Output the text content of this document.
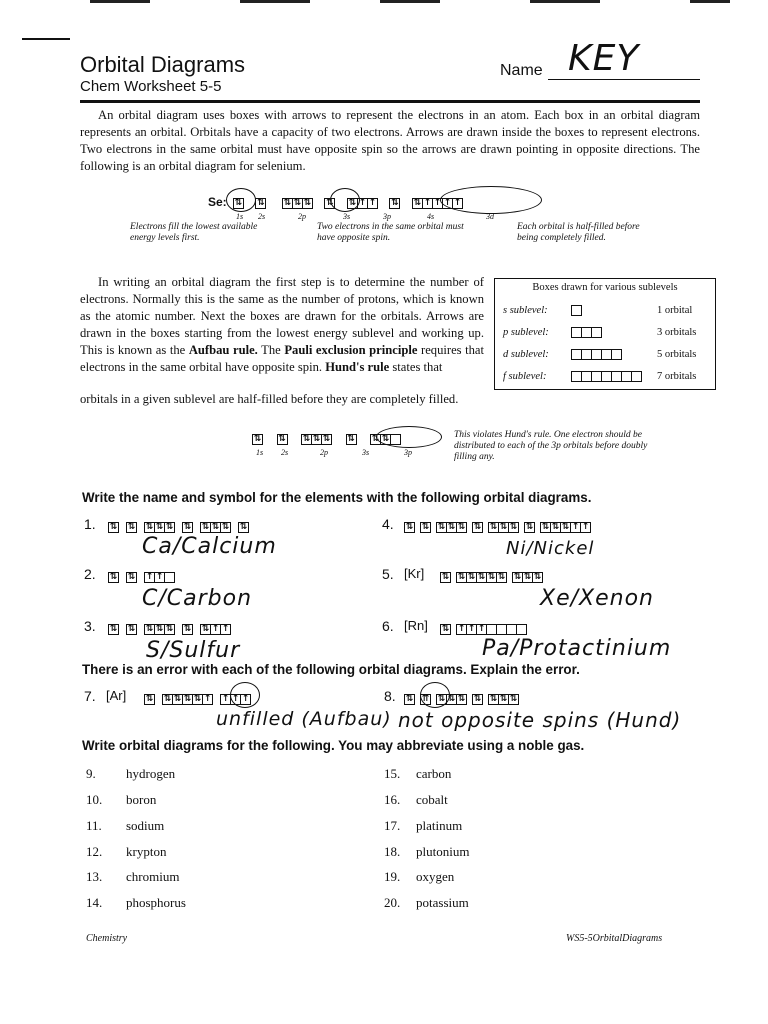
Orbital Diagrams
Chem Worksheet 5-5
Name KEY
An orbital diagram uses boxes with arrows to represent the electrons in an atom. Each box in an orbital diagram represents an orbital. Orbitals have a capacity of two electrons. Arrows are drawn inside the boxes to represent electrons. Two electrons in the same orbital must have opposite spin so the arrows are drawn pointing in opposite directions. The following is an orbital diagram for selenium.
Se: ⇅ ⇅ ⇅ ⇅ ⇅ ⇅ ⇅ ↑ ↑ ⇅ ⇅ ↑ ↑ ↑ ↑
1s 2s	2p	3s	3p	4s	3d
Electrons fill the lowest available energy levels first.
Two electrons in the same orbital must have opposite spin.
Each orbital is half-filled before being completely filled.
In writing an orbital diagram the first step is to determine the number of electrons. Normally this is the same as the number of protons, which is known as the atomic number. Next the boxes are drawn for the orbitals. Arrows are drawn in the boxes starting from the lowest energy sublevel and working up. This is known as the Aufbau rule. The Pauli exclusion principle requires that electrons in the same orbital have opposite spin. Hund's rule states that
orbitals in a given sublevel are half-filled before they are completely filled.
Boxes drawn for various sublevels
s sublevel:	1 orbital
p sublevel:	3 orbitals
d sublevel:	5 orbitals
f sublevel:	7 orbitals
⇅ ⇅ ⇅ ⇅ ⇅ ⇅ ⇅ ⇅
1s 2s	2p	3s	3p
This violates Hund's rule. One electron should be distributed to each of the 3p orbitals before doubly filling any.
Write the name and symbol for the elements with the following orbital diagrams.
1. ⇅ ⇅ ⇅ ⇅ ⇅ ⇅ ⇅ ⇅ ⇅ ⇅
Ca/Calcium
2. ⇅ ⇅ ↑ ↑
C/Carbon
3. ⇅ ⇅ ⇅ ⇅ ⇅ ⇅ ⇅ ↑ ↑
S/Sulfur
4. ⇅ ⇅ ⇅ ⇅ ⇅ ⇅ ⇅ ⇅ ⇅ ⇅ ⇅ ⇅ ⇅ ↑ ↑
Ni/Nickel
5. [Kr] ⇅ ⇅ ⇅ ⇅ ⇅ ⇅ ⇅ ⇅ ⇅
Xe/Xenon
6. [Rn] ⇅ ↑ ↑ ↑
Pa/Protactinium
There is an error with each of the following orbital diagrams. Explain the error.
7. [Ar] ⇅ ⇅ ⇅ ⇅ ⇅ ↑ ↑ ↑ ↑
unfilled (Aufbau)
8. ⇅ ⇈ ⇅ ⇅ ⇅ ⇅ ⇅ ⇅ ⇅
not opposite spins (Hund)
Write orbital diagrams for the following. You may abbreviate using a noble gas.
9. hydrogen
10. boron
11. sodium
12. krypton
13. chromium
14. phosphorus
15. carbon
16. cobalt
17. platinum
18. plutonium
19. oxygen
20. potassium
Chemistry	WS5-5OrbitalDiagrams
